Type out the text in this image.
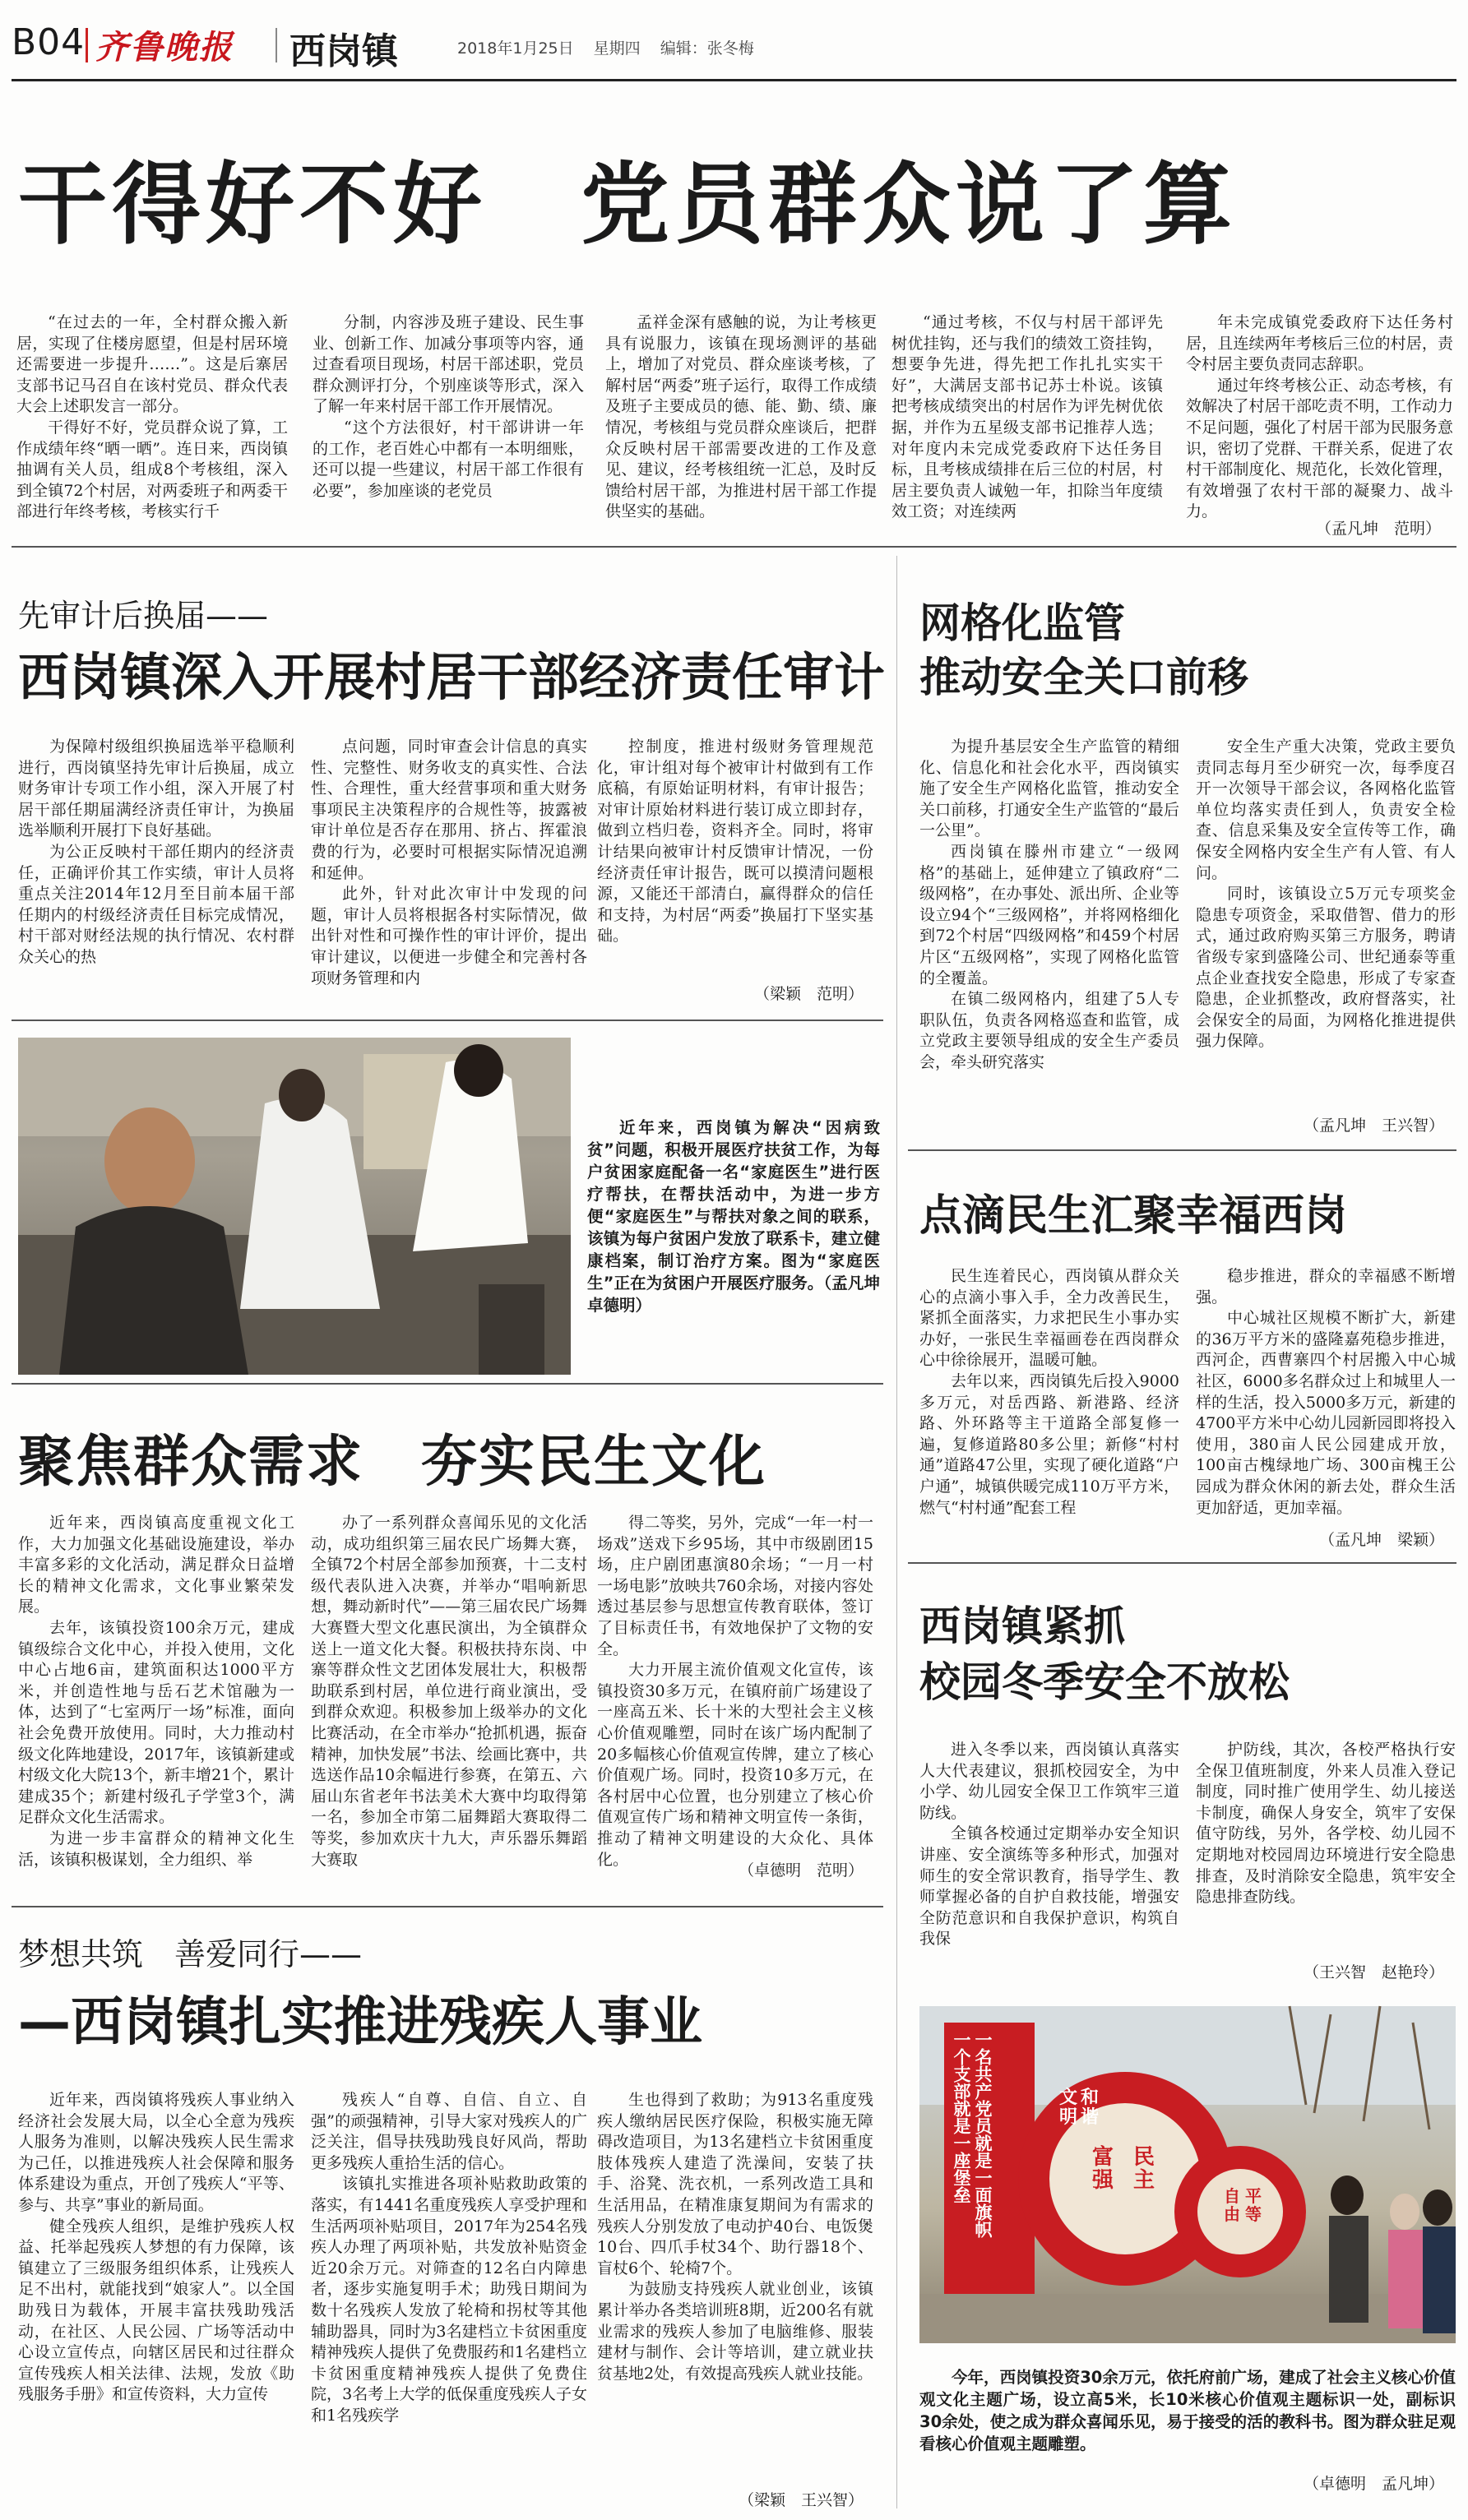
B04 齐鲁晚报 西岗镇	2018年1月25日 星期四 编辑：张冬梅
干得好不好　党员群众说了算

“在过去的一年，全村群众搬入新居，实现了住楼房愿望，但是村居环境还需要进一步提升……”。这是后寨居支部书记马召自在该村党员、群众代表大会上述职发言一部分。

干得好不好，党员群众说了算，工作成绩年终“晒一晒”。连日来，西岗镇抽调有关人员，组成8个考核组，深入到全镇72个村居，对两委班子和两委干部进行年终考核，考核实行千

分制，内容涉及班子建设、民生事业、创新工作、加减分事项等内容，通过查看项目现场，村居干部述职，党员群众测评打分，个别座谈等形式，深入了解一年来村居干部工作开展情况。

“这个方法很好，村干部讲讲一年的工作，老百姓心中都有一本明细账，还可以提一些建议，村居干部工作很有必要”，参加座谈的老党员

孟祥金深有感触的说，为让考核更具有说服力，该镇在现场测评的基础上，增加了对党员、群众座谈考核，了解村居“两委”班子运行，取得工作成绩及班子主要成员的德、能、勤、绩、廉情况，考核组与党员群众座谈后，把群众反映村居干部需要改进的工作及意见、建议，经考核组统一汇总，及时反馈给村居干部，为推进村居干部工作提供坚实的基础。

“通过考核，不仅与村居干部评先树优挂钩，还与我们的绩效工资挂钩，想要争先进，得先把工作扎扎实实干好”，大满居支部书记苏士朴说。该镇把考核成绩突出的村居作为评先树优依据，并作为五星级支部书记推荐人选；对年度内未完成党委政府下达任务目标，且考核成绩排在后三位的村居，村居主要负责人诚勉一年，扣除当年度绩效工资；对连续两

年未完成镇党委政府下达任务村居，且连续两年考核后三位的村居，责令村居主要负责同志辞职。

通过年终考核公正、动态考核，有效解决了村居干部吃责不明，工作动力不足问题，强化了村居干部为民服务意识，密切了党群、干群关系，促进了农村干部制度化、规范化，长效化管理，有效增强了农村干部的凝聚力、战斗力。

（孟凡坤　范明）
先审计后换届——
西岗镇深入开展村居干部经济责任审计

为保障村级组织换届选举平稳顺利进行，西岗镇坚持先审计后换届，成立财务审计专项工作小组，深入开展了村居干部任期届满经济责任审计，为换届选举顺利开展打下良好基础。

为公正反映村干部任期内的经济责任，正确评价其工作实绩，审计人员将重点关注2014年12月至目前本届干部任期内的村级经济责任目标完成情况，村干部对财经法规的执行情况、农村群众关心的热

点问题，同时审查会计信息的真实性、完整性、财务收支的真实性、合法性、合理性，重大经营事项和重大财务事项民主决策程序的合规性等，披露被审计单位是否存在那用、挤占、挥霍浪费的行为，必要时可根据实际情况追溯和延伸。

此外，针对此次审计中发现的问题，审计人员将根据各村实际情况，做出针对性和可操作性的审计评价，提出审计建议，以便进一步健全和完善村各项财务管理和内

控制度，推进村级财务管理规范化，审计组对每个被审计村做到有工作底稿，有原始证明材料，有审计报告；对审计原始材料进行装订成立即封存，做到立档归卷，资料齐全。同时，将审计结果向被审计村反馈审计情况，一份经济责任审计报告，既可以摸清问题根源，又能还干部清白，赢得群众的信任和支持，为村居“两委”换届打下坚实基础。

（梁颖　范明）
近年来，西岗镇为解决“因病致贫”问题，积极开展医疗扶贫工作，为每户贫困家庭配备一名“家庭医生”进行医疗帮扶，在帮扶活动中，为进一步方便“家庭医生”与帮扶对象之间的联系，该镇为每户贫困户发放了联系卡，建立健康档案，制订治疗方案。图为“家庭医生”正在为贫困户开展医疗服务。（孟凡坤　卓德明）
网格化监管
推动安全关口前移

为提升基层安全生产监管的精细化、信息化和社会化水平，西岗镇实施了安全生产网格化监管，推动安全关口前移，打通安全生产监管的“最后一公里”。

西岗镇在滕州市建立“一级网格”的基础上，延伸建立了镇政府“二级网格”，在办事处、派出所、企业等设立94个“三级网格”，并将网格细化到72个村居“四级网格”和459个村居片区“五级网格”，实现了网格化监管的全覆盖。

在镇二级网格内，组建了5人专职队伍，负责各网格巡查和监管，成立党政主要领导组成的安全生产委员会，牵头研究落实

安全生产重大决策，党政主要负责同志每月至少研究一次，每季度召开一次领导干部会议，各网格化监管单位均落实责任到人，负责安全检查、信息采集及安全宣传等工作，确保安全网格内安全生产有人管、有人问。

同时，该镇设立5万元专项奖金隐患专项资金，采取借智、借力的形式，通过政府购买第三方服务，聘请省级专家到盛隆公司、世纪通泰等重点企业查找安全隐患，形成了专家查隐患，企业抓整改，政府督落实，社会保安全的局面，为网格化推进提供强力保障。

（孟凡坤　王兴智）
聚焦群众需求　夯实民生文化

近年来，西岗镇高度重视文化工作，大力加强文化基础设施建设，举办丰富多彩的文化活动，满足群众日益增长的精神文化需求，文化事业繁荣发展。

去年，该镇投资100余万元，建成镇级综合文化中心，并投入使用，文化中心占地6亩，建筑面积达1000平方米，并创造性地与岳石艺术馆融为一体，达到了“七室两厅一场”标准，面向社会免费开放使用。同时，大力推动村级文化阵地建设，2017年，该镇新建或村级文化大院13个，新丰增21个，累计建成35个；新建村级孔子学堂3个，满足群众文化生活需求。

为进一步丰富群众的精神文化生活，该镇积极谋划，全力组织、举

办了一系列群众喜闻乐见的文化活动，成功组织第三届农民广场舞大赛，全镇72个村居全部参加预赛，十二支村级代表队进入决赛，并举办“唱响新思想，舞动新时代”——第三届农民广场舞大赛暨大型文化惠民演出，为全镇群众送上一道文化大餐。积极扶持东岗、中寨等群众性文艺团体发展壮大，积极帮助联系到村居，单位进行商业演出，受到群众欢迎。积极参加上级举办的文化比赛活动，在全市举办“抢抓机遇，振奋精神，加快发展”书法、绘画比赛中，共选送作品10余幅进行参赛，在第五、六届山东省老年书法美术大赛中均取得第一名，参加全市第二届舞蹈大赛取得二等奖，参加欢庆十九大，声乐器乐舞蹈大赛取

得二等奖，另外，完成“一年一村一场戏”送戏下乡95场，其中市级剧团15场，庄户剧团惠演80余场；“一月一村一场电影”放映共760余场，对接内容处透过基层参与思想宣传教育联体，签订了目标责任书，有效地保护了文物的安全。

大力开展主流价值观文化宣传，该镇投资30多万元，在镇府前广场建设了一座高五米、长十米的大型社会主义核心价值观雕塑，同时在该广场内配制了20多幅核心价值观宣传牌，建立了核心价值观广场。同时，投资10多万元，在各村居中心位置，也分别建立了核心价值观宣传广场和精神文明宣传一条街，推动了精神文明建设的大众化、具体化。

（卓德明　范明）
点滴民生汇聚幸福西岗

民生连着民心，西岗镇从群众关心的点滴小事入手，全力改善民生，紧抓全面落实，力求把民生小事办实办好，一张民生幸福画卷在西岗群众心中徐徐展开，温暖可触。

去年以来，西岗镇先后投入9000多万元，对岳西路、新港路、经济路、外环路等主干道路全部复修一遍，复修道路80多公里；新修“村村通”道路47公里，实现了硬化道路“户户通”，城镇供暖完成110万平方米，燃气“村村通”配套工程

稳步推进，群众的幸福感不断增强。

中心城社区规模不断扩大，新建的36万平方米的盛隆嘉苑稳步推进，西河企，西曹寨四个村居搬入中心城社区，6000多名群众过上和城里人一样的生活，投入5000多万元，新建的4700平方米中心幼儿园新园即将投入使用，380亩人民公园建成开放，100亩古槐绿地广场、300亩槐王公园成为群众休闲的新去处，群众生活更加舒适，更加幸福。

（孟凡坤　梁颖）
西岗镇紧抓
校园冬季安全不放松

进入冬季以来，西岗镇认真落实人大代表建议，狠抓校园安全，为中小学、幼儿园安全保卫工作筑牢三道防线。

全镇各校通过定期举办安全知识讲座、安全演练等多种形式，加强对师生的安全常识教育，指导学生、教师掌握必备的自护自救技能，增强安全防范意识和自我保护意识，构筑自我保

护防线，其次，各校严格执行安全保卫值班制度，外来人员准入登记制度，同时推广使用学生、幼儿接送卡制度，确保人身安全，筑牢了安保值守防线，另外，各学校、幼儿园不定期地对校园周边环境进行安全隐患排查，及时消除安全隐患，筑牢安全隐患排查防线。

（王兴智　赵艳玲）
梦想共筑　善爱同行——
—西岗镇扎实推进残疾人事业

近年来，西岗镇将残疾人事业纳入经济社会发展大局，以全心全意为残疾人服务为准则，以解决残疾人民生需求为己任，以推进残疾人社会保障和服务体系建设为重点，开创了残疾人“平等、参与、共享”事业的新局面。

健全残疾人组织，是维护残疾人权益、托举起残疾人梦想的有力保障，该镇建立了三级服务组织体系，让残疾人足不出村，就能找到“娘家人”。以全国助残日为载体，开展丰富扶残助残活动，在社区、人民公园、广场等活动中心设立宣传点，向辖区居民和过往群众宣传残疾人相关法律、法规，发放《助残服务手册》和宣传资料，大力宣传

残疾人“自尊、自信、自立、自强”的顽强精神，引导大家对残疾人的广泛关注，倡导扶残助残良好风尚，帮助更多残疾人重拾生活的信心。

该镇扎实推进各项补贴救助政策的落实，有1441名重度残疾人享受护理和生活两项补贴项目，2017年为254名残疾人办理了两项补贴，共发放补贴资金近20余万元。对筛查的12名白内障患者，逐步实施复明手术；助残日期间为数十名残疾人发放了轮椅和拐杖等其他辅助器具，同时为3名建档立卡贫困重度精神残疾人提供了免费服药和1名建档立卡贫困重度精神残疾人提供了免费住院，3名考上大学的低保重度残疾人子女和1名残疾学

生也得到了救助；为913名重度残疾人缴纳居民医疗保险，积极实施无障碍改造项目，为13名建档立卡贫困重度肢体残疾人建造了洗澡间，安装了扶手、浴凳、洗衣机，一系列改造工具和生活用品，在精准康复期间为有需求的残疾人分别发放了电动护40台、电饭煲10台、四爪手杖34个、助行器18个、盲杖6个、轮椅7个。

为鼓励支持残疾人就业创业，该镇累计举办各类培训班8期，近200名有就业需求的残疾人参加了电脑维修、服装建材与制作、会计等培训，建立就业扶贫基地2处，有效提高残疾人就业技能。

（梁颖　王兴智）
一名共产党员就是一面旗帜
一个支部就是一座堡垒	富强
民主
文明
和谐
自由
平等
今年，西岗镇投资30余万元，依托府前广场，建成了社会主义核心价值观文化主题广场，设立高5米，长10米核心价值观主题标识一处，副标识30余处，使之成为群众喜闻乐见，易于接受的活的教科书。图为群众驻足观看核心价值观主题雕塑。
（卓德明　孟凡坤）
